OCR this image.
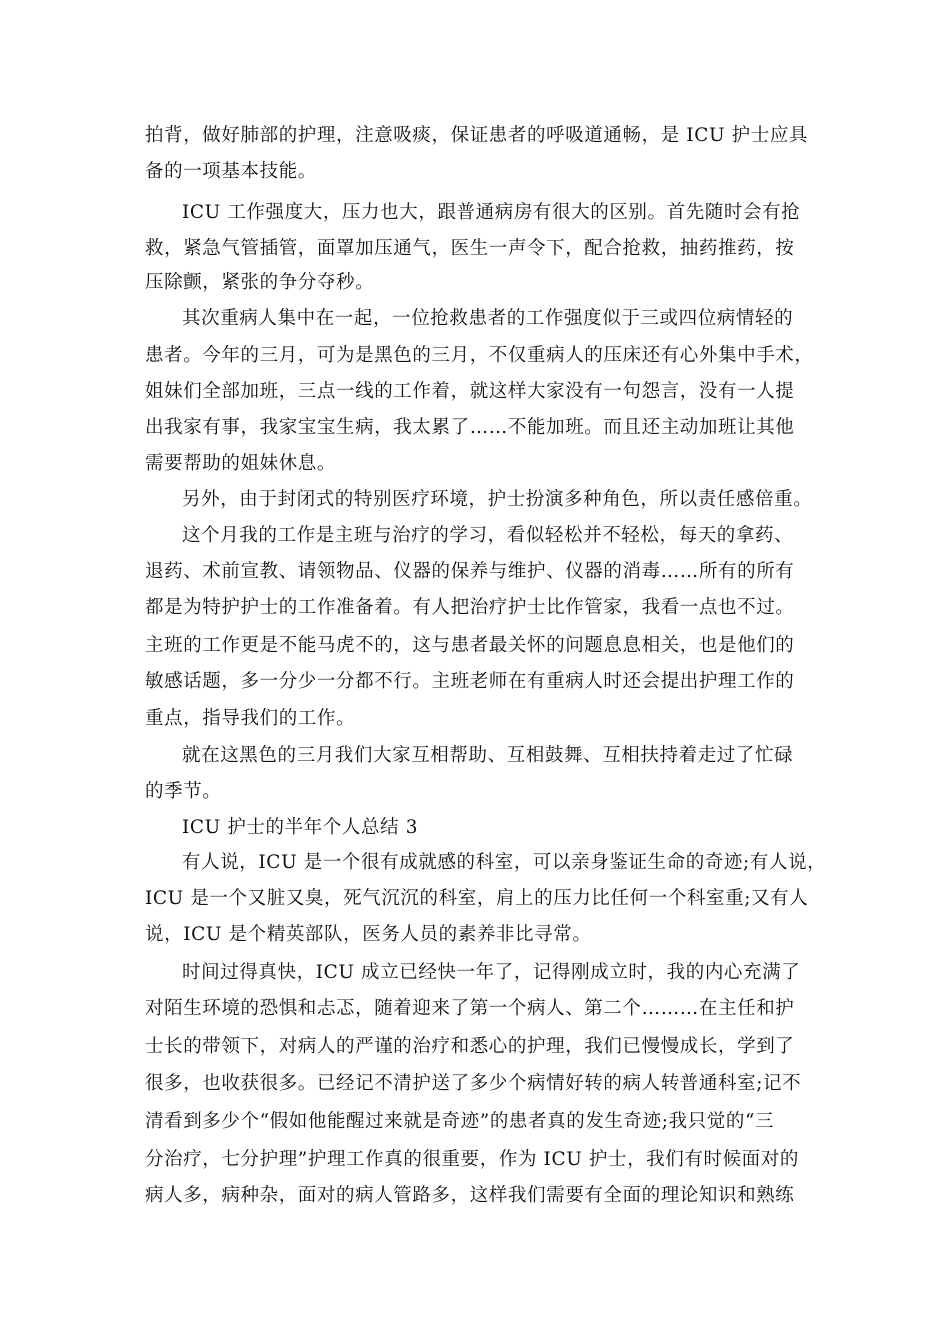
拍背，做好肺部的护理，注意吸痰，保证患者的呼吸道通畅，是 ICU 护士应具
备的一项基本技能。
ICU 工作强度大，压力也大，跟普通病房有很大的区别。首先随时会有抢
救，紧急气管插管，面罩加压通气，医生一声令下，配合抢救，抽药推药，按
压除颤，紧张的争分夺秒。
其次重病人集中在一起，一位抢救患者的工作强度似于三或四位病情轻的
患者。今年的三月，可为是黑色的三月，不仅重病人的压床还有心外集中手术，
姐妹们全部加班，三点一线的工作着，就这样大家没有一句怨言，没有一人提
出我家有事，我家宝宝生病，我太累了……不能加班。而且还主动加班让其他
需要帮助的姐妹休息。
另外，由于封闭式的特别医疗环境，护士扮演多种角色，所以责任感倍重。
这个月我的工作是主班与治疗的学习，看似轻松并不轻松，每天的拿药、
退药、术前宣教、请领物品、仪器的保养与维护、仪器的消毒……所有的所有
都是为特护护士的工作准备着。有人把治疗护士比作管家，我看一点也不过。
主班的工作更是不能马虎不的，这与患者最关怀的问题息息相关，也是他们的
敏感话题，多一分少一分都不行。主班老师在有重病人时还会提出护理工作的
重点，指导我们的工作。
就在这黑色的三月我们大家互相帮助、互相鼓舞、互相扶持着走过了忙碌
的季节。
ICU 护士的半年个人总结 3
有人说，ICU 是一个很有成就感的科室，可以亲身鉴证生命的奇迹;有人说，
ICU 是一个又脏又臭，死气沉沉的科室，肩上的压力比任何一个科室重;又有人
说，ICU 是个精英部队，医务人员的素养非比寻常。
时间过得真快，ICU 成立已经快一年了，记得刚成立时，我的内心充满了
对陌生环境的恐惧和忐忑，随着迎来了第一个病人、第二个………在主任和护
士长的带领下，对病人的严谨的治疗和悉心的护理，我们已慢慢成长，学到了
很多，也收获很多。已经记不清护送了多少个病情好转的病人转普通科室;记不
清看到多少个“假如他能醒过来就是奇迹”的患者真的发生奇迹;我只觉的“三
分治疗，七分护理”护理工作真的很重要，作为 ICU 护士，我们有时候面对的
病人多，病种杂，面对的病人管路多，这样我们需要有全面的理论知识和熟练
